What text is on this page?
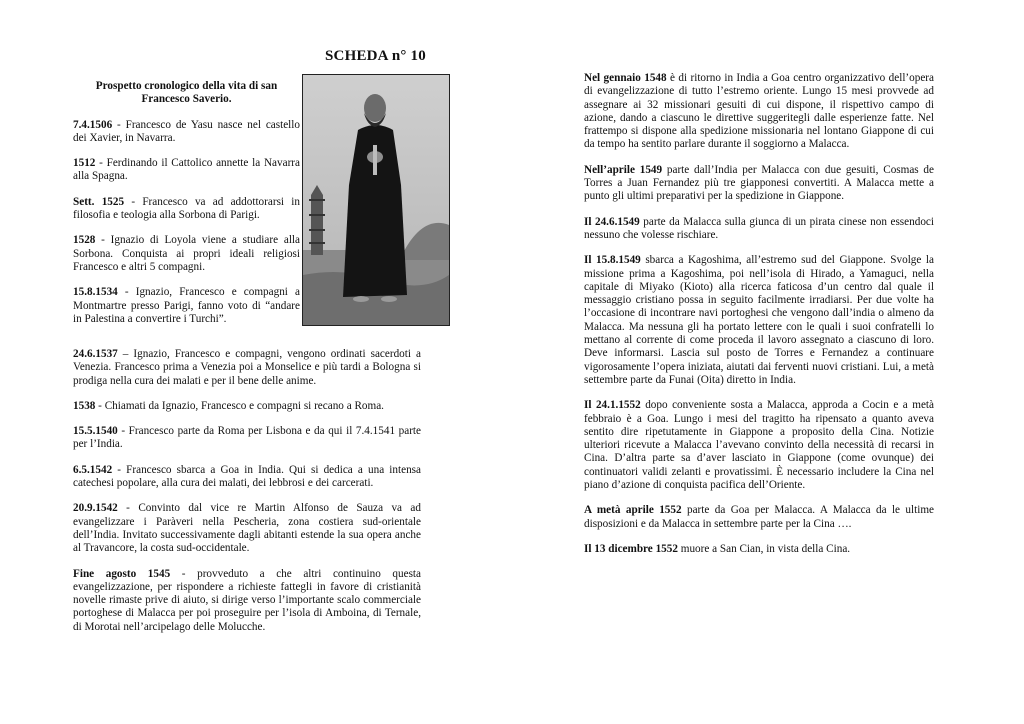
SCHEDA n° 10

Prospetto cronologico della vita di san Francesco Saverio.

7.4.1506 - Francesco de Yasu nasce nel castello dei Xavier, in Navarra.

1512 - Ferdinando il Cattolico annette la Navarra alla Spagna.

Sett. 1525 - Francesco va ad addottorarsi in filosofia e teologia alla Sorbona di Parigi.

1528 - Ignazio di Loyola viene a studiare alla Sorbona. Conquista ai propri ideali religiosi Francesco e altri 5 compagni.

15.8.1534 - Ignazio, Francesco e compagni a Montmartre presso Parigi, fanno voto di “andare in Palestina a convertire i Turchi”.

24.6.1537 – Ignazio, Francesco e compagni, vengono ordinati sacerdoti a Venezia. Francesco prima a Venezia poi a Monselice e più tardi a Bologna si prodiga nella cura dei malati e per il bene delle anime.

1538 - Chiamati da Ignazio, Francesco e compagni si recano a Roma.

15.5.1540 - Francesco parte da Roma per Lisbona e da qui il 7.4.1541 parte per l’India.

6.5.1542 - Francesco sbarca a Goa in India. Qui si dedica a una intensa catechesi popolare, alla cura dei malati, dei lebbrosi e dei carcerati.

20.9.1542 - Convinto dal vice re Martin Alfonso de Sauza va ad evangelizzare i Paràveri nella Pescheria, zona costiera sud-orientale dell’India. Invitato successivamente dagli abitanti estende la sua opera anche al Travancore, la costa sud-occidentale.

Fine agosto 1545 - provveduto a che altri continuino questa evangelizzazione, per rispondere a richieste fattegli in favore di cristianità novelle rimaste prive di aiuto, si dirige verso l’importante scalo commerciale portoghese di Malacca per poi proseguire per l’isola di Amboina, di Ternale, di Morotai nell’arcipelago delle Molucche.

Nel gennaio 1548 è di ritorno in India a Goa centro organizzativo dell’opera di evangelizzazione di tutto l’estremo oriente. Lungo 15 mesi provvede ad assegnare ai 32 missionari gesuiti di cui dispone, il rispettivo campo di azione, dando a ciascuno le direttive suggeritegli dalle esperienze fatte. Nel frattempo si dispone alla spedizione missionaria nel lontano Giappone di cui da tempo ha sentito parlare durante il soggiorno a Malacca.

Nell’aprile 1549 parte dall’India per Malacca con due gesuiti, Cosmas de Torres a Juan Fernandez più tre giapponesi convertiti. A Malacca mette a punto gli ultimi preparativi per la spedizione in Giappone.

Il 24.6.1549 parte da Malacca sulla giunca di un pirata cinese non essendoci nessuno che volesse rischiare.

Il 15.8.1549 sbarca a Kagoshima, all’estremo sud del Giappone. Svolge la missione prima a Kagoshima, poi nell’isola di Hirado, a Yamaguci, nella capitale di Miyako (Kioto) alla ricerca faticosa d’un centro dal quale il messaggio cristiano possa in seguito facilmente irradiarsi. Per due volte ha l’occasione di incontrare navi portoghesi che vengono dall’india o almeno da Malacca. Ma nessuna gli ha portato lettere con le quali i suoi confratelli lo mettano al corrente di come proceda il lavoro assegnato a ciascuno di loro. Deve informarsi. Lascia sul posto de Torres e Fernandez a continuare vigorosamente l’opera iniziata, aiutati dai ferventi nuovi cristiani. Lui, a metà settembre parte da Funai (Oita) diretto in India.

Il 24.1.1552 dopo conveniente sosta a Malacca, approda a Cocin e a metà febbraio è a Goa. Lungo i mesi del tragitto ha ripensato a quanto aveva sentito dire ripetutamente in Giappone a proposito della Cina. Notizie ulteriori ricevute a Malacca l’avevano convinto della necessità di recarsi in Cina. D’altra parte sa d’aver lasciato in Giappone (come ovunque) dei continuatori validi zelanti e provatissimi. È necessario includere la Cina nel piano d’azione di conquista pacifica dell’Oriente.

A metà aprile 1552 parte da Goa per Malacca. A Malacca da le ultime disposizioni e da Malacca in settembre parte per la Cina ….

Il 13 dicembre 1552 muore a San Cian, in vista della Cina.
